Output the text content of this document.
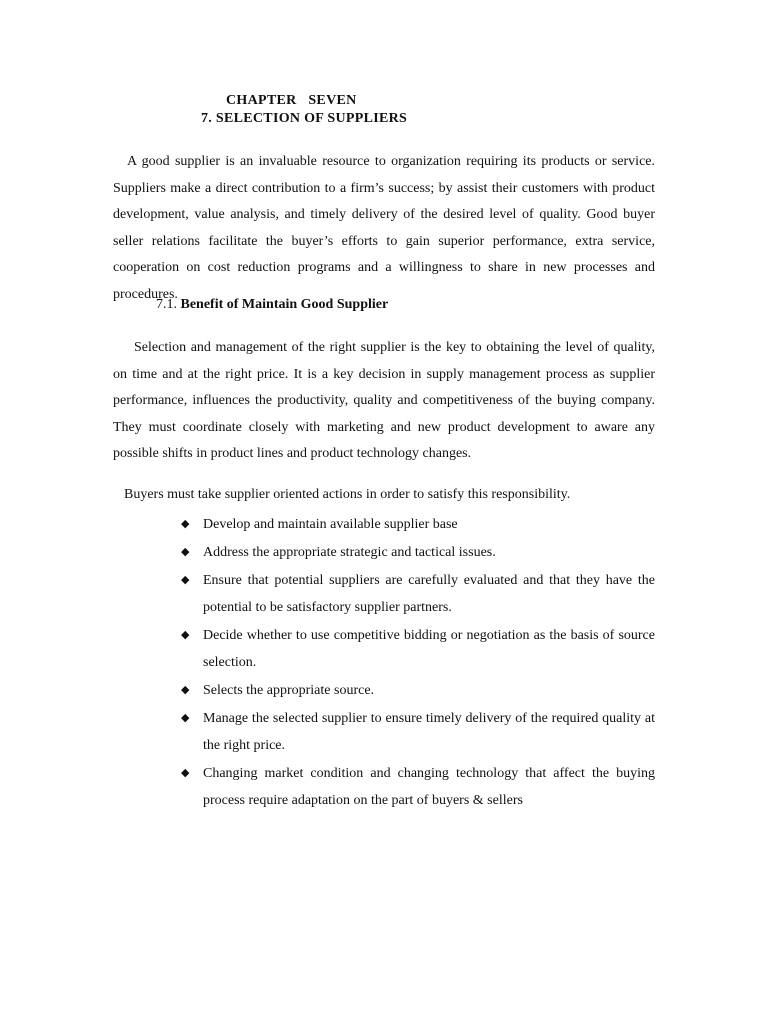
CHAPTER SEVEN
7. SELECTION OF SUPPLIERS

A good supplier is an invaluable resource to organization requiring its products or service. Suppliers make a direct contribution to a firm’s success; by assist their customers with product development, value analysis, and timely delivery of the desired level of quality. Good buyer seller relations facilitate the buyer’s efforts to gain superior performance, extra service, cooperation on cost reduction programs and a willingness to share in new processes and procedures.

7.1. Benefit of Maintain Good Supplier

Selection and management of the right supplier is the key to obtaining the level of quality, on time and at the right price. It is a key decision in supply management process as supplier performance, influences the productivity, quality and competitiveness of the buying company. They must coordinate closely with marketing and new product development to aware any possible shifts in product lines and product technology changes.

Buyers must take supplier oriented actions in order to satisfy this responsibility.
◆ Develop and maintain available supplier base
◆ Address the appropriate strategic and tactical issues.
◆ Ensure that potential suppliers are carefully evaluated and that they have the potential to be satisfactory supplier partners.
◆ Decide whether to use competitive bidding or negotiation as the basis of source selection.
◆ Selects the appropriate source.
◆ Manage the selected supplier to ensure timely delivery of the required quality at the right price.
◆ Changing market condition and changing technology that affect the buying process require adaptation on the part of buyers & sellers
